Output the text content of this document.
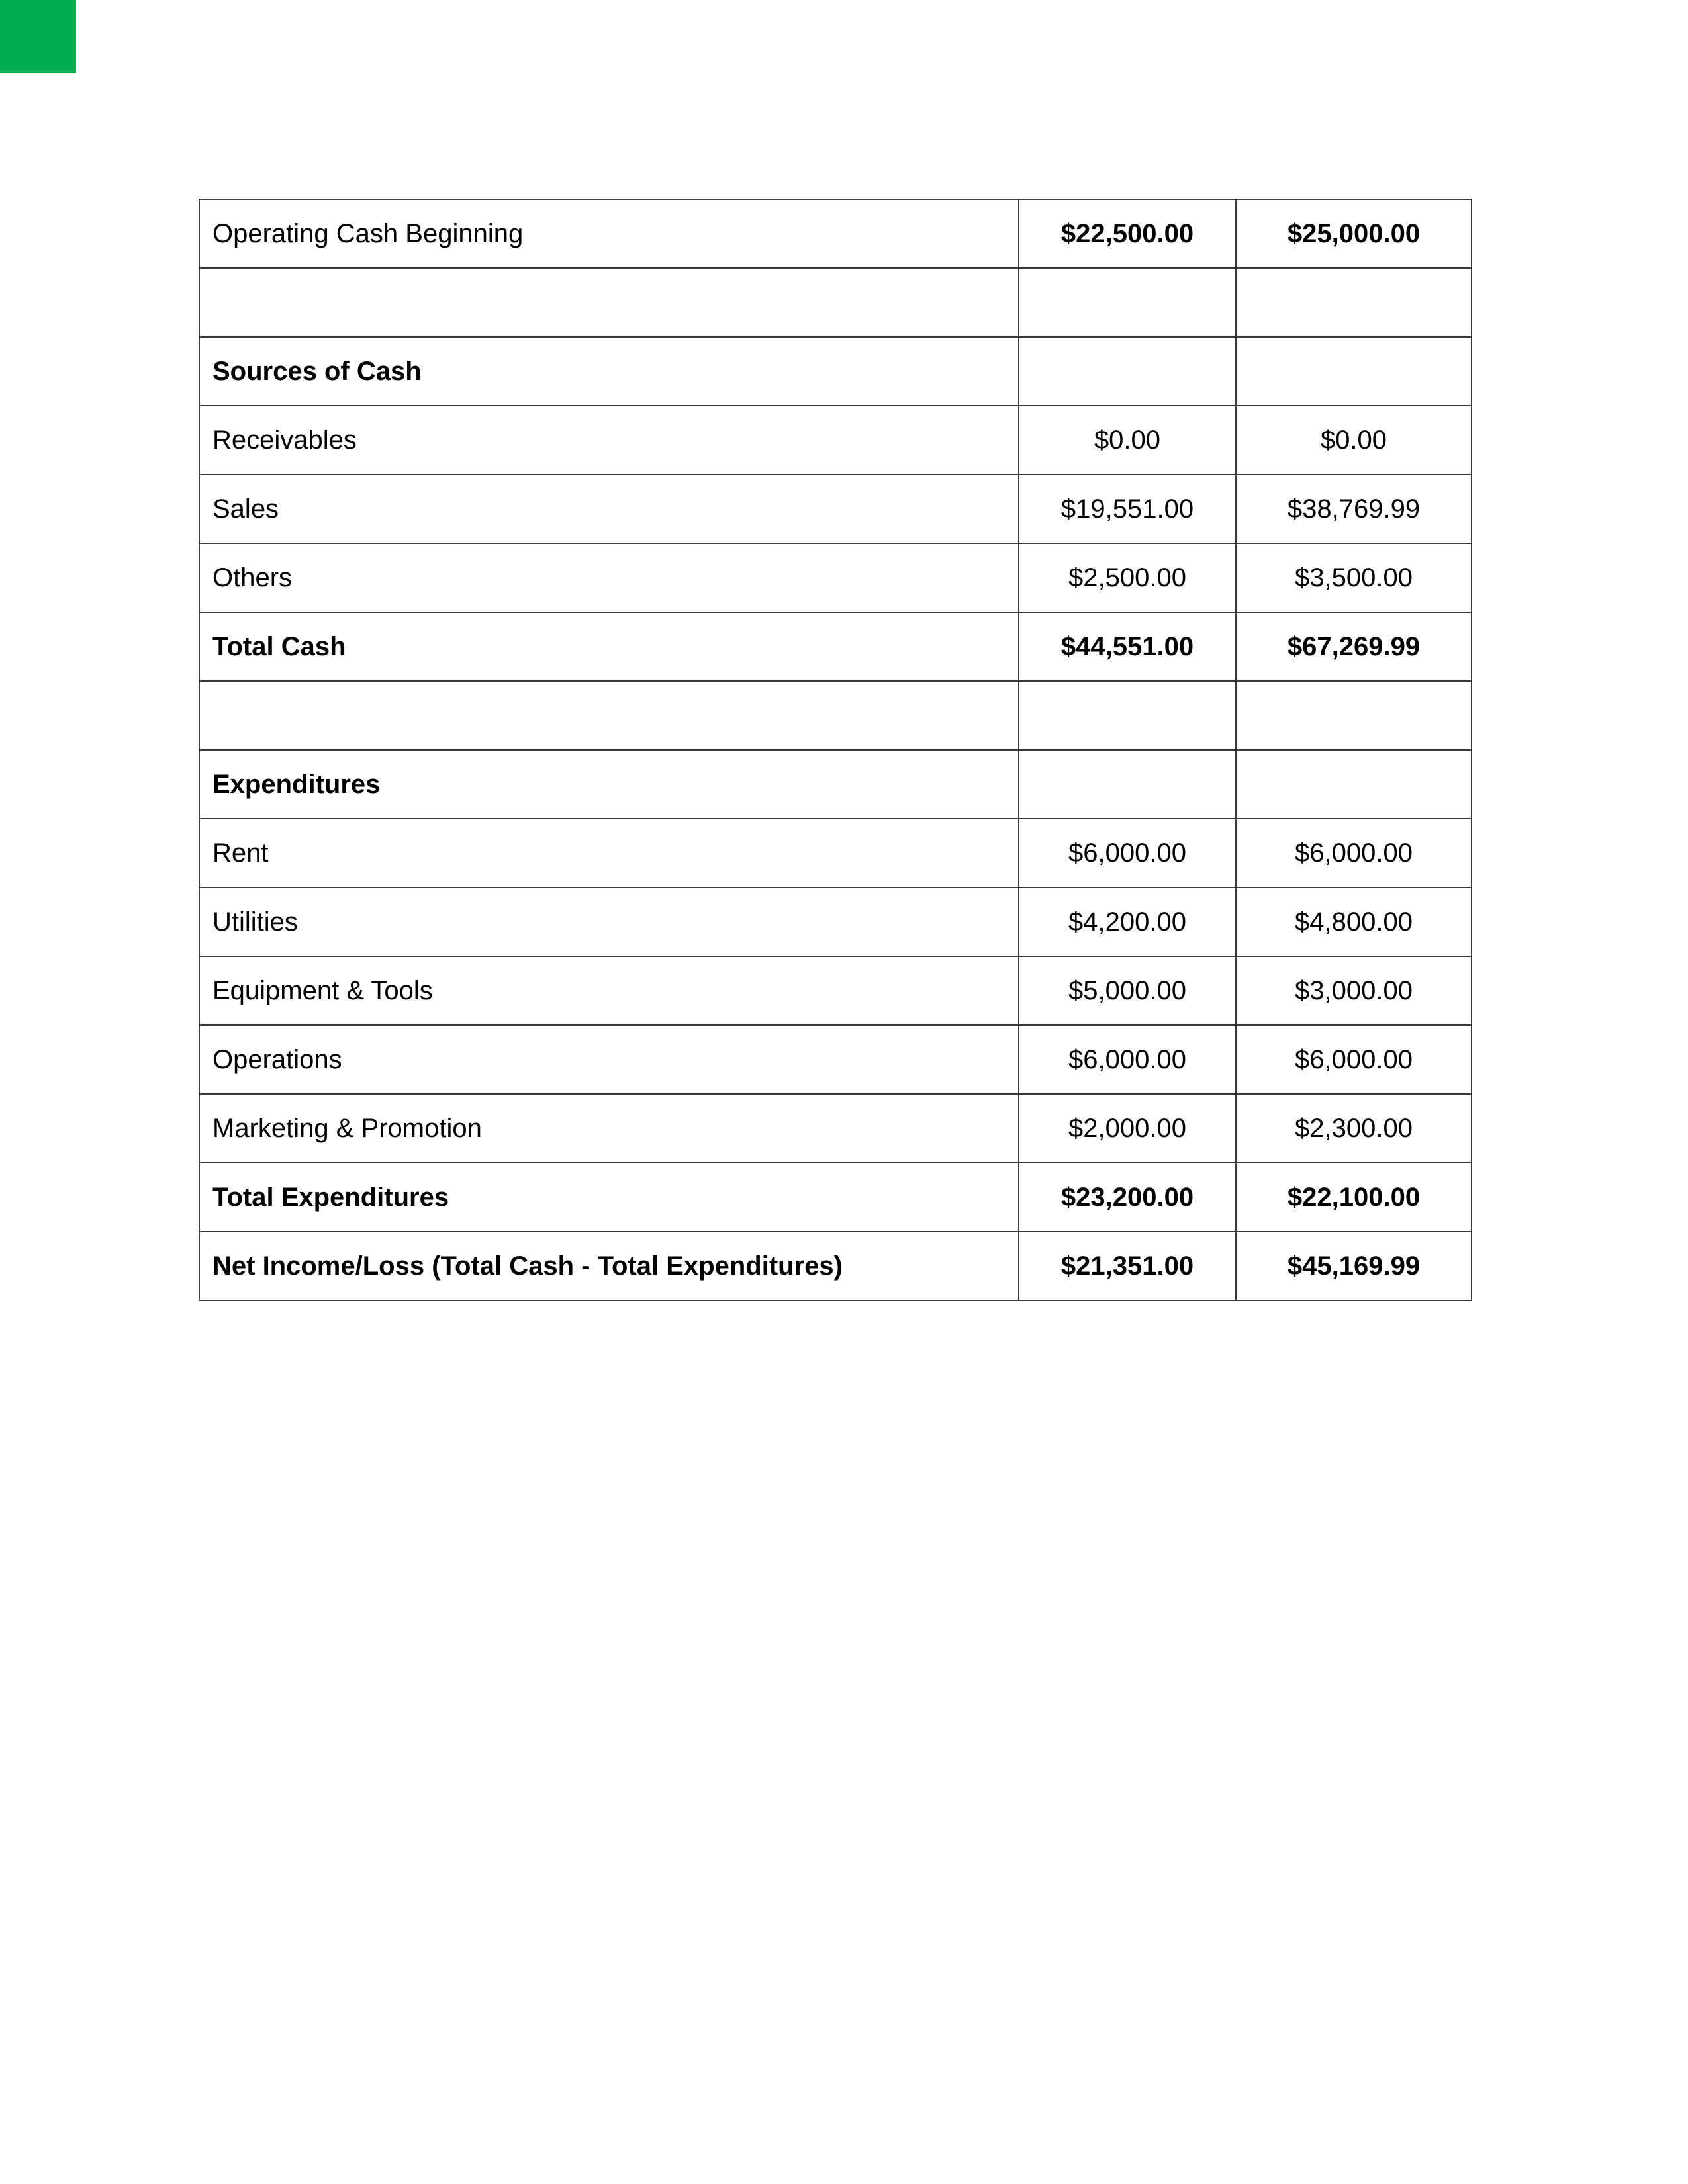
Operating Cash Beginning	$22,500.00	$25,000.00

Sources of Cash		
Receivables	$0.00	$0.00
Sales	$19,551.00	$38,769.99
Others	$2,500.00	$3,500.00
Total Cash	$44,551.00	$67,269.99

Expenditures		
Rent	$6,000.00	$6,000.00
Utilities	$4,200.00	$4,800.00
Equipment & Tools	$5,000.00	$3,000.00
Operations	$6,000.00	$6,000.00
Marketing & Promotion	$2,000.00	$2,300.00
Total Expenditures	$23,200.00	$22,100.00
Net Income/Loss (Total Cash - Total Expenditures)	$21,351.00	$45,169.99
